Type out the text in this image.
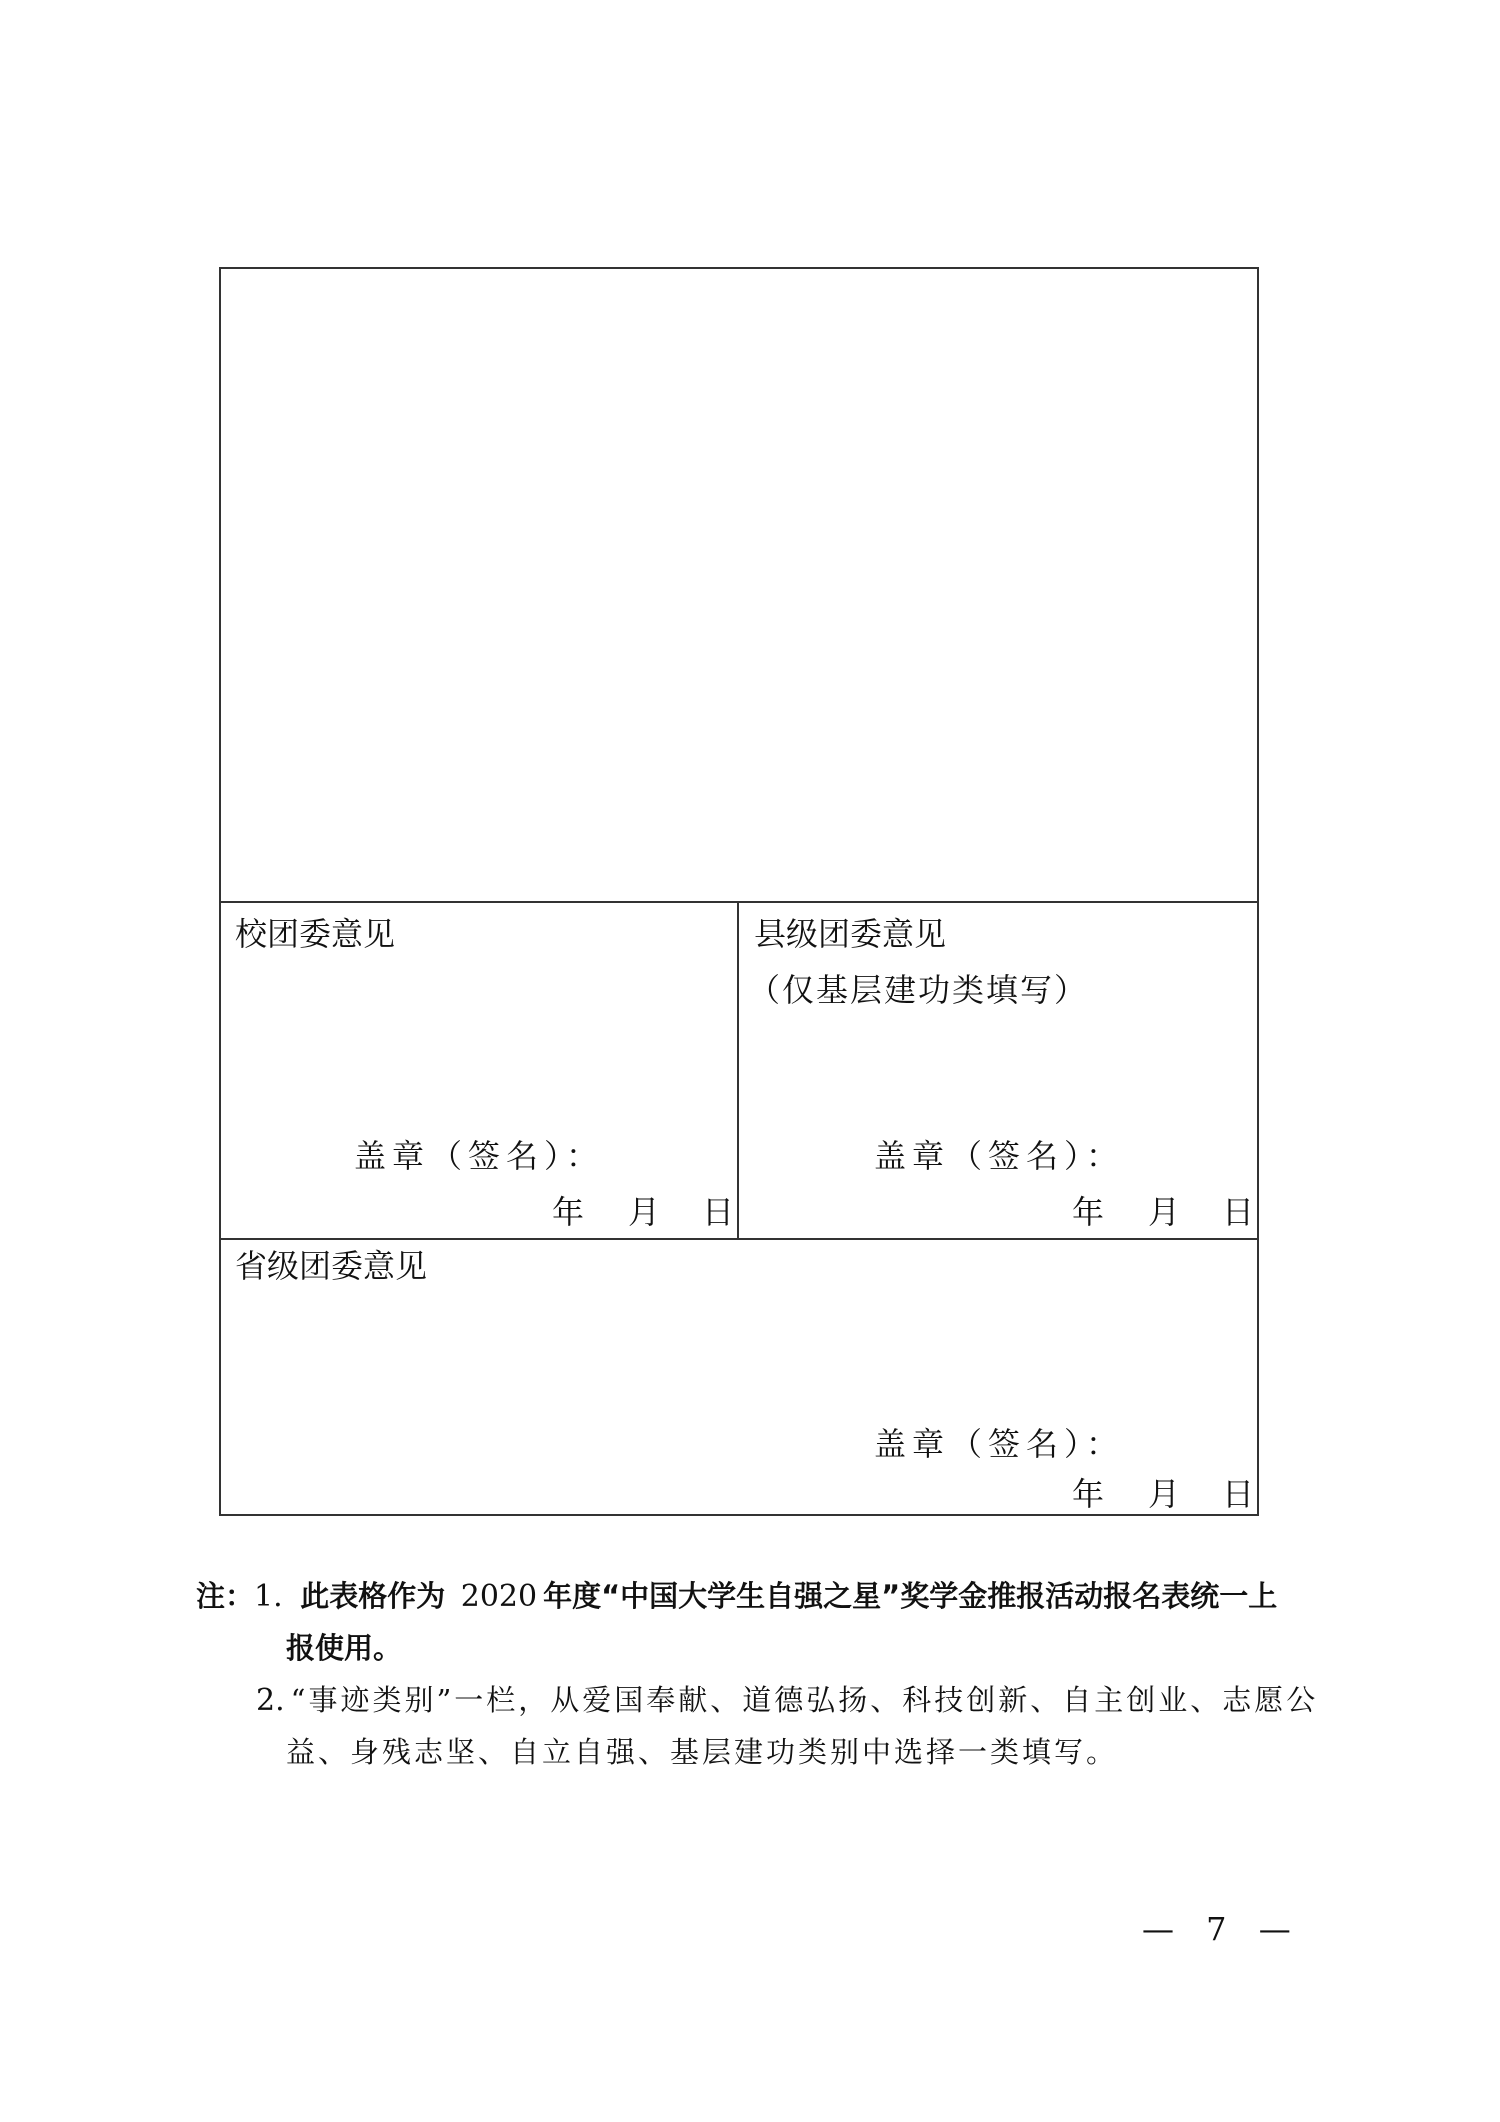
校团委意见
盖章（签名）：
年 月 日
县级团委意见
（仅基层建功类填写）
盖章（签名）：
年 月 日
省级团委意见
盖章（签名）：
年 月 日
注：1. 此表格作为 2020 年度“中国大学生自强之星”奖学金推报活动报名表统一上
报使用。
2. “事迹类别”一栏，从爱国奉献、道德弘扬、科技创新、自主创业、志愿公
益、身残志坚、自立自强、基层建功类别中选择一类填写。
— 7 —
